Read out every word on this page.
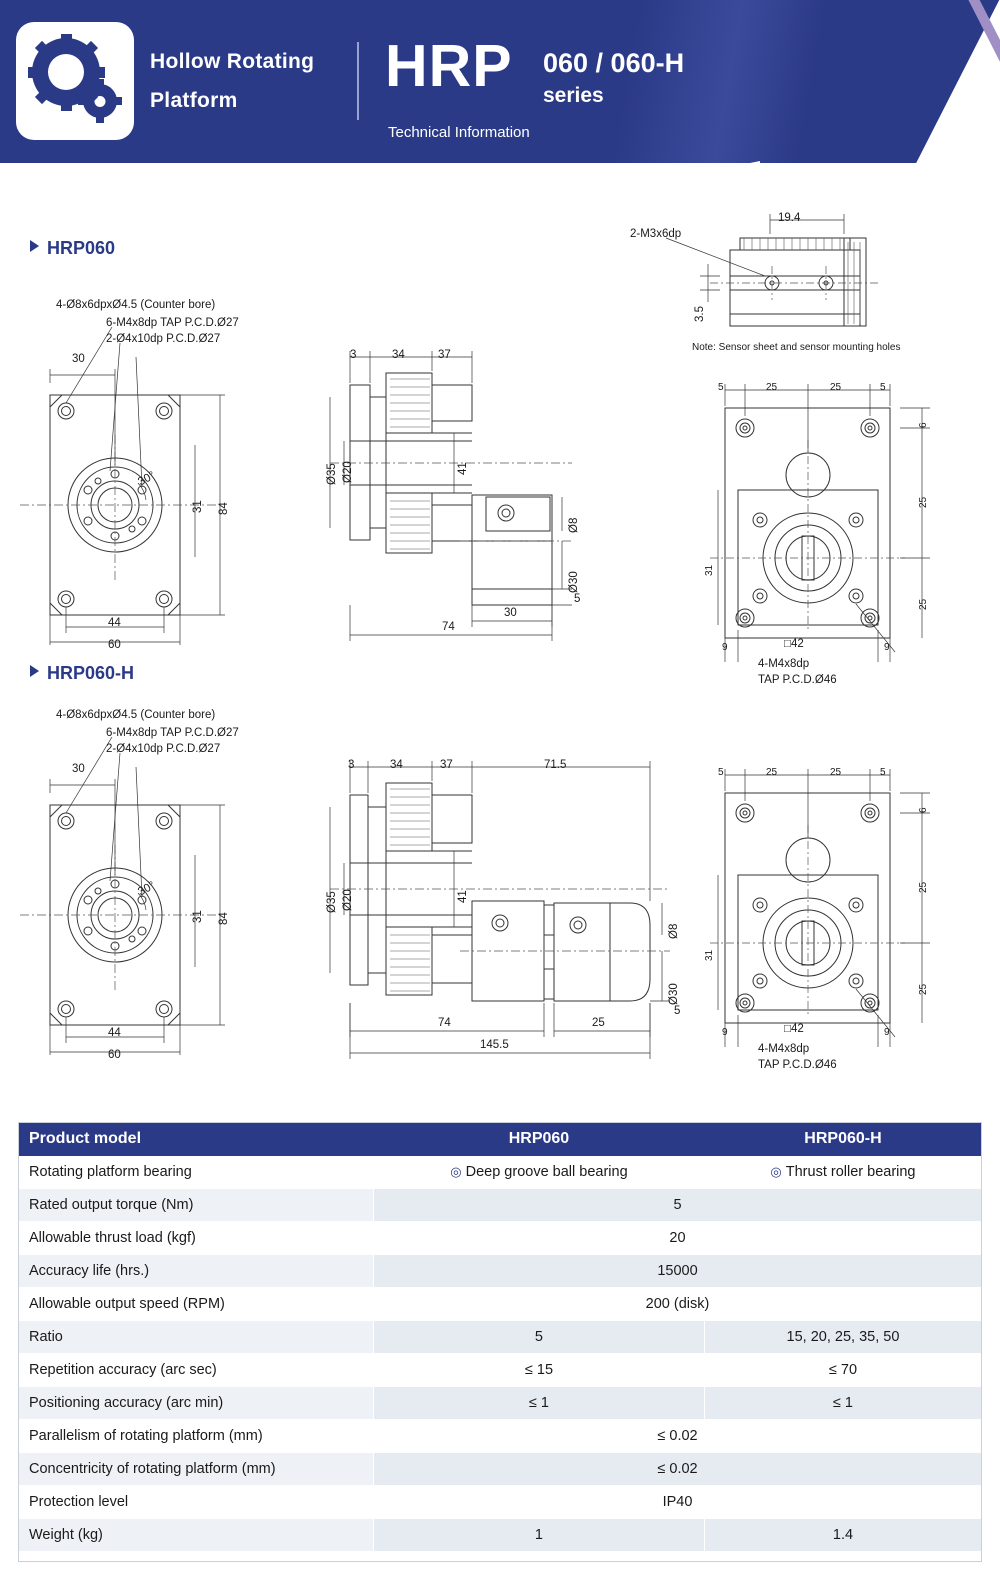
Hollow Rotating
Platform
HRP 060 / 060-H
series
Technical Information
HRP060
4-Ø8x6dpxØ4.5 (Counter bore)
6-M4x8dp TAP P.C.D.Ø27
2-Ø4x10dp P.C.D.Ø27
30
31 84
44
60
30°
3	34	37
41
Ø35 Ø20
Ø8
Ø30
5
30
74
19.4
3.5
2-M3x6dp
Note: Sensor sheet and sensor mounting holes
5	25	25	5
6
25
25
31
9	□42	9
4-M4x8dp
TAP P.C.D.Ø46
HRP060-H
4-Ø8x6dpxØ4.5 (Counter bore)
6-M4x8dp TAP P.C.D.Ø27
2-Ø4x10dp P.C.D.Ø27
30
31 84
44
60
30°
3	34	37	71.5
41
Ø35 Ø20
Ø8
Ø30
5
74	25
145.5
5	25	25	5
6
25
25
31
9	□42	9
4-M4x8dp
TAP P.C.D.Ø46
Product model	HRP060	HRP060-H
Rotating platform bearing	◎ Deep groove ball bearing	◎ Thrust roller bearing
Rated output torque (Nm)	5	
Allowable thrust load (kgf)	20	
Accuracy life (hrs.)	15000	
Allowable output speed (RPM)	200 (disk)	
Ratio	5	15, 20, 25, 35, 50
Repetition accuracy (arc sec)	≤ 15	≤ 70
Positioning accuracy (arc min)	≤ 1	≤ 1
Parallelism of rotating platform (mm)	≤ 0.02	
Concentricity of rotating platform (mm)	≤ 0.02	
Protection level	IP40	
Weight (kg)	1	1.4
